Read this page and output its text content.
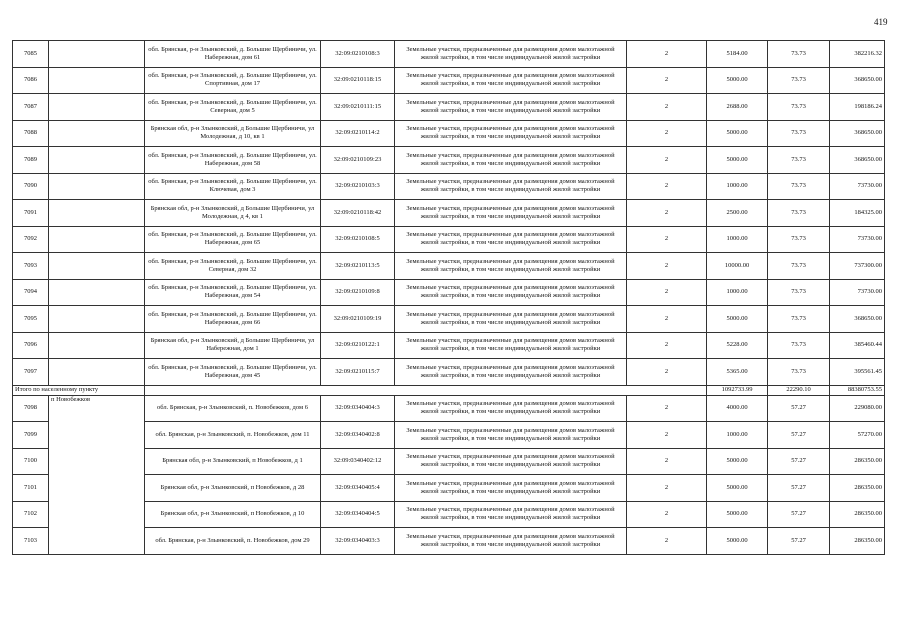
419
7085		обл. Брянская, р-н Злынковский, д. Большие Щербиничи, ул. Набережная, дом 61	32:09:0210108:3	Земельные участки, предназначенные для размещения домов малоэтажной жилой застройки, в том числе индивидуальной жилой застройки	2	5184.00	73.73	382216.32
7086		обл. Брянская, р-н Злынковский, д. Большие Щербиничи, ул. Спортивная, дом 17	32:09:0210118:15	Земельные участки, предназначенные для размещения домов малоэтажной жилой застройки, в том числе индивидуальной жилой застройки	2	5000.00	73.73	368650.00
7087		обл. Брянская, р-н Злынковский, д. Большие Щербиничи, ул. Северная, дом 5	32:09:0210111:15	Земельные участки, предназначенные для размещения домов малоэтажной жилой застройки, в том числе индивидуальной жилой застройки	2	2688.00	73.73	198186.24
7088		Брянская обл, р-н Злынковский, д Большие Щербиничи, ул Молодежная, д 10, кв 1	32:09:0210114:2	Земельные участки, предназначенные для размещения домов малоэтажной жилой застройки, в том числе индивидуальной жилой застройки	2	5000.00	73.73	368650.00
7089		обл. Брянская, р-н Злынковский, д. Большие Щербиничи, ул. Набережная, дом 58	32:09:0210109:23	Земельные участки, предназначенные для размещения домов малоэтажной жилой застройки, в том числе индивидуальной жилой застройки	2	5000.00	73.73	368650.00
7090		обл. Брянская, р-н Злынковский, д. Большие Щербиничи, ул. Ключевая, дом 3	32:09:0210103:3	Земельные участки, предназначенные для размещения домов малоэтажной жилой застройки, в том числе индивидуальной жилой застройки	2	1000.00	73.73	73730.00
7091		Брянская обл, р-н Злынковский, д Большие Щербиничи, ул Молодежная, д 4, кв 1	32:09:0210118:42	Земельные участки, предназначенные для размещения домов малоэтажной жилой застройки, в том числе индивидуальной жилой застройки	2	2500.00	73.73	184325.00
7092		обл. Брянская, р-н Злынковский, д. Большие Щербиничи, ул. Набережная, дом 65	32:09:0210108:5	Земельные участки, предназначенные для размещения домов малоэтажной жилой застройки, в том числе индивидуальной жилой застройки	2	1000.00	73.73	73730.00
7093		обл. Брянская, р-н Злынковский, д. Большие Щербиничи, ул. Северная, дом 32	32:09:0210113:5	Земельные участки, предназначенные для размещения домов малоэтажной жилой застройки, в том числе индивидуальной жилой застройки	2	10000.00	73.73	737300.00
7094		обл. Брянская, р-н Злынковский, д. Большие Щербиничи, ул. Набережная, дом 54	32:09:0210109:8	Земельные участки, предназначенные для размещения домов малоэтажной жилой застройки, в том числе индивидуальной жилой застройки	2	1000.00	73.73	73730.00
7095		обл. Брянская, р-н Злынковский, д. Большие Щербиничи, ул. Набережная, дом 66	32:09:0210109:19	Земельные участки, предназначенные для размещения домов малоэтажной жилой застройки, в том числе индивидуальной жилой застройки	2	5000.00	73.73	368650.00
7096		Брянская обл, р-н Злынковский, д Большие Щербиничи, ул Набережная, дом 1	32:09:0210122:1	Земельные участки, предназначенные для размещения домов малоэтажной жилой застройки, в том числе индивидуальной жилой застройки	2	5228.00	73.73	385460.44
7097		обл. Брянская, р-н Злынковский, д. Большие Щербиничи, ул. Набережная, дом 45	32:09:0210115:7	Земельные участки, предназначенные для размещения домов малоэтажной жилой застройки, в том числе индивидуальной жилой застройки	2	5365.00	73.73	395561.45
Итого по населенному пункту						1092733.99	22290.10	88380753.55
7098	п Новобежков	обл. Брянская, р-н Злынковский, п. Новобежков, дом 6	32:09:0340404:3	Земельные участки, предназначенные для размещения домов малоэтажной жилой застройки, в том числе индивидуальной жилой застройки	2	4000.00	57.27	229080.00
7099		обл. Брянская, р-н Злынковский, п. Новобежков, дом 11	32:09:0340402:8	Земельные участки, предназначенные для размещения домов малоэтажной жилой застройки, в том числе индивидуальной жилой застройки	2	1000.00	57.27	57270.00
7100		Брянская обл, р-н Злынковский, п Новобежков, д 1	32:09:0340402:12	Земельные участки, предназначенные для размещения домов малоэтажной жилой застройки, в том числе индивидуальной жилой застройки	2	5000.00	57.27	286350.00
7101		Брянская обл, р-н Злынковский, п Новобежков, д 28	32:09:0340405:4	Земельные участки, предназначенные для размещения домов малоэтажной жилой застройки, в том числе индивидуальной жилой застройки	2	5000.00	57.27	286350.00
7102		Брянская обл, р-н Злынковский, п Новобежков, д 10	32:09:0340404:5	Земельные участки, предназначенные для размещения домов малоэтажной жилой застройки, в том числе индивидуальной жилой застройки	2	5000.00	57.27	286350.00
7103		обл. Брянская, р-н Злынковский, п. Новобежков, дом 29	32:09:0340403:3	Земельные участки, предназначенные для размещения домов малоэтажной жилой застройки, в том числе индивидуальной жилой застройки	2	5000.00	57.27	286350.00
